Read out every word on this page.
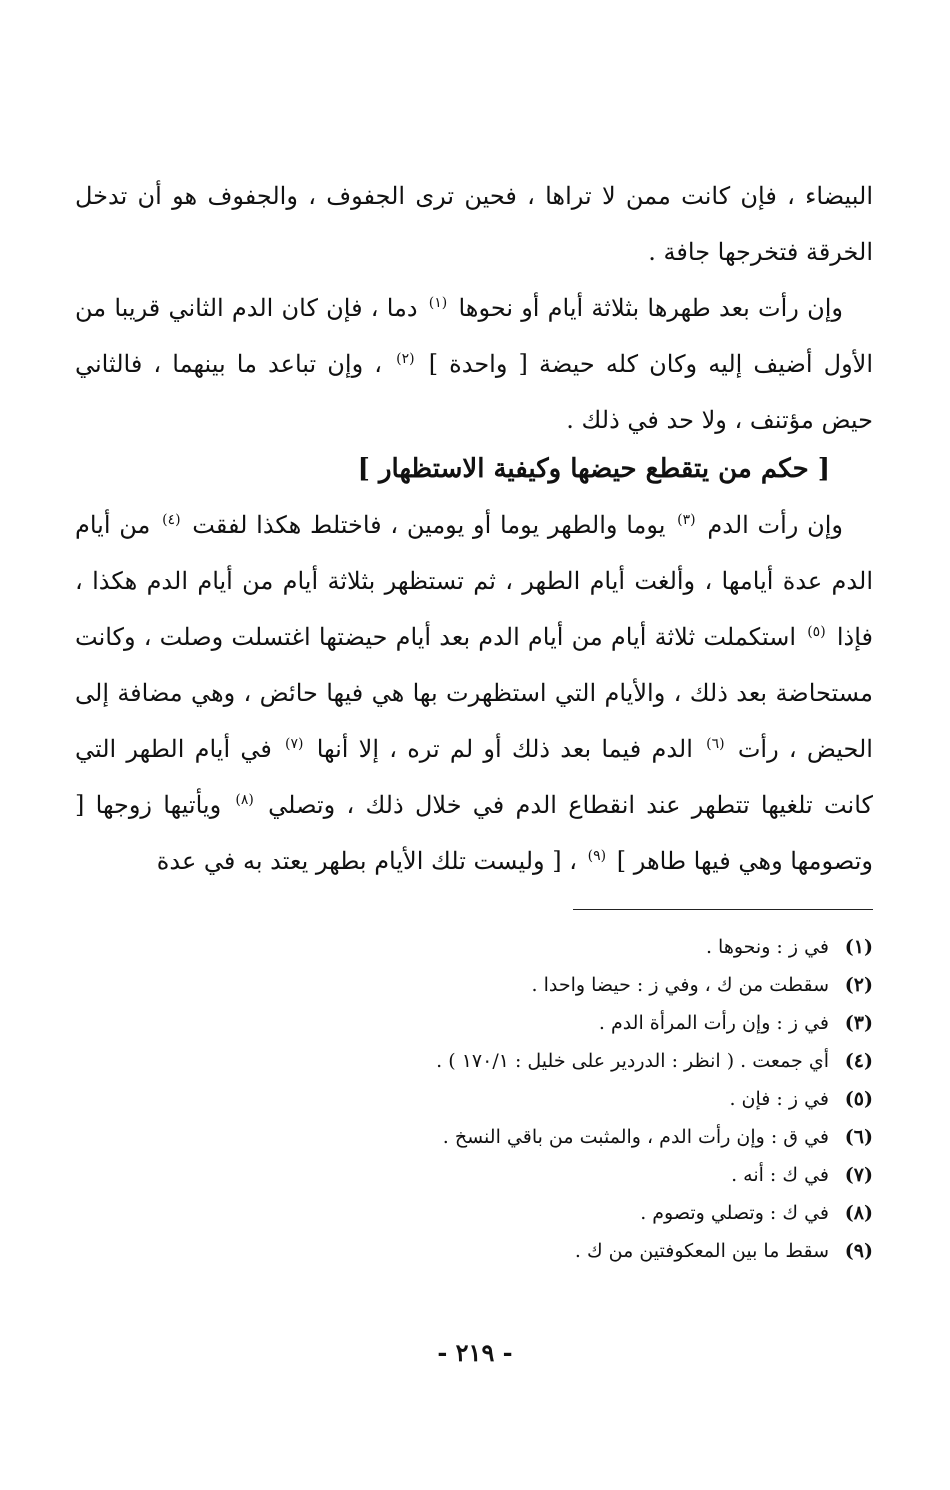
البيضاء ، فإن كانت ممن لا تراها ، فحين ترى الجفوف ، والجفوف هو أن تدخل الخرقة فتخرجها جافة .
وإن رأت بعد طهرها بثلاثة أيام أو نحوها $^{(١)}$ دما ، فإن كان الدم الثاني قريبا من الأول أضيف إليه وكان كله حيضة [ واحدة ] $^{(٢)}$ ، وإن تباعد ما بينهما ، فالثاني حيض مؤتنف ، ولا حد في ذلك .
[ حكم من يتقطع حيضها وكيفية الاستظهار ]
وإن رأت الدم $^{(٣)}$ يوما والطهر يوما أو يومين ، فاختلط هكذا لفقت $^{(٤)}$ من أيام الدم عدة أيامها ، وألغت أيام الطهر ، ثم تستظهر بثلاثة أيام من أيام الدم هكذا ، فإذا $^{(٥)}$ استكملت ثلاثة أيام من أيام الدم بعد أيام حيضتها اغتسلت وصلت ، وكانت مستحاضة بعد ذلك ، والأيام التي استظهرت بها هي فيها حائض ، وهي مضافة إلى الحيض ، رأت $^{(٦)}$ الدم فيما بعد ذلك أو لم تره ، إلا أنها $^{(٧)}$ في أيام الطهر التي كانت تلغيها تتطهر عند انقطاع الدم في خلال ذلك ، وتصلي $^{(٨)}$ ويأتيها زوجها [ وتصومها وهي فيها طاهر ] $^{(٩)}$ ، [ وليست تلك الأيام بطهر يعتد به في عدة
(١)في ز : ونحوها .
(٢)سقطت من ك ، وفي ز : حيضا واحدا .
(٣)في ز : وإن رأت المرأة الدم .
(٤)أي جمعت . ( انظر : الدردير على خليل : ١٧٠/١ ) .
(٥)في ز : فإن .
(٦)في ق : وإن رأت الدم ، والمثبت من باقي النسخ .
(٧)في ك : أنه .
(٨)في ك : وتصلي وتصوم .
(٩)سقط ما بين المعكوفتين من ك .
- ٢١٩ -
